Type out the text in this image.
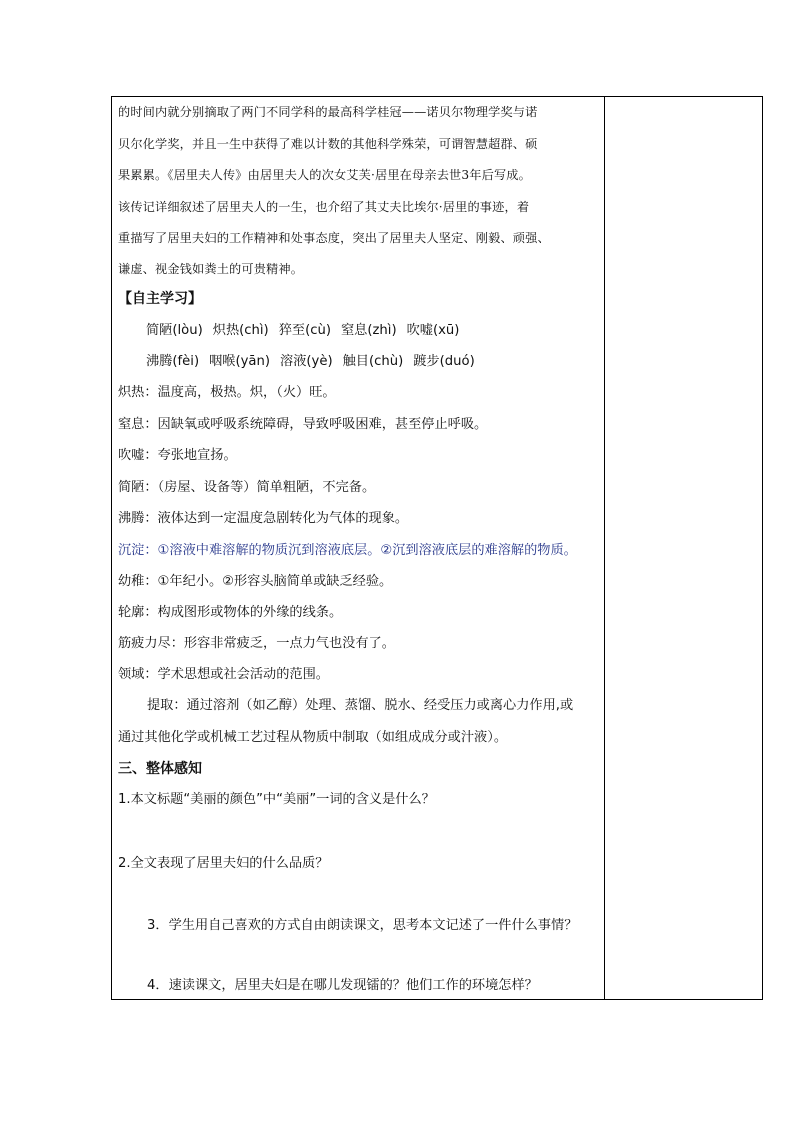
的时间内就分别摘取了两门不同学科的最高科学桂冠——诺贝尔物理学奖与诺
贝尔化学奖，并且一生中获得了难以计数的其他科学殊荣，可谓智慧超群、硕
果累累。《居里夫人传》由居里夫人的次女艾芙·居里在母亲去世3年后写成。
该传记详细叙述了居里夫人的一生，也介绍了其丈夫比埃尔·居里的事迹，着
重描写了居里夫妇的工作精神和处事态度，突出了居里夫人坚定、刚毅、顽强、
谦虚、视金钱如粪土的可贵精神。
【自主学习】
简陋(lòu) 炽热(chì) 猝至(cù) 窒息(zhì) 吹嘘(xū)
沸腾(fèi) 咽喉(yān) 溶液(yè) 触目(chù) 踱步(duó)
炽热：温度高，极热。炽，（火）旺。
窒息：因缺氧或呼吸系统障碍，导致呼吸困难，甚至停止呼吸。
吹嘘：夸张地宣扬。
简陋：（房屋、设备等）简单粗陋，不完备。
沸腾：液体达到一定温度急剧转化为气体的现象。
沉淀：①溶液中难溶解的物质沉到溶液底层。②沉到溶液底层的难溶解的物质。
幼稚：①年纪小。②形容头脑简单或缺乏经验。
轮廓：构成图形或物体的外缘的线条。
筋疲力尽：形容非常疲乏，一点力气也没有了。
领域：学术思想或社会活动的范围。
提取：通过溶剂（如乙醇）处理、蒸馏、脱水、经受压力或离心力作用,或
通过其他化学或机械工艺过程从物质中制取（如组成成分或汁液）。
三、整体感知
1.本文标题“美丽的颜色”中“美丽”一词的含义是什么？
2.全文表现了居里夫妇的什么品质？
3．学生用自己喜欢的方式自由朗读课文，思考本文记述了一件什么事情？
4．速读课文，居里夫妇是在哪儿发现镭的？他们工作的环境怎样？
